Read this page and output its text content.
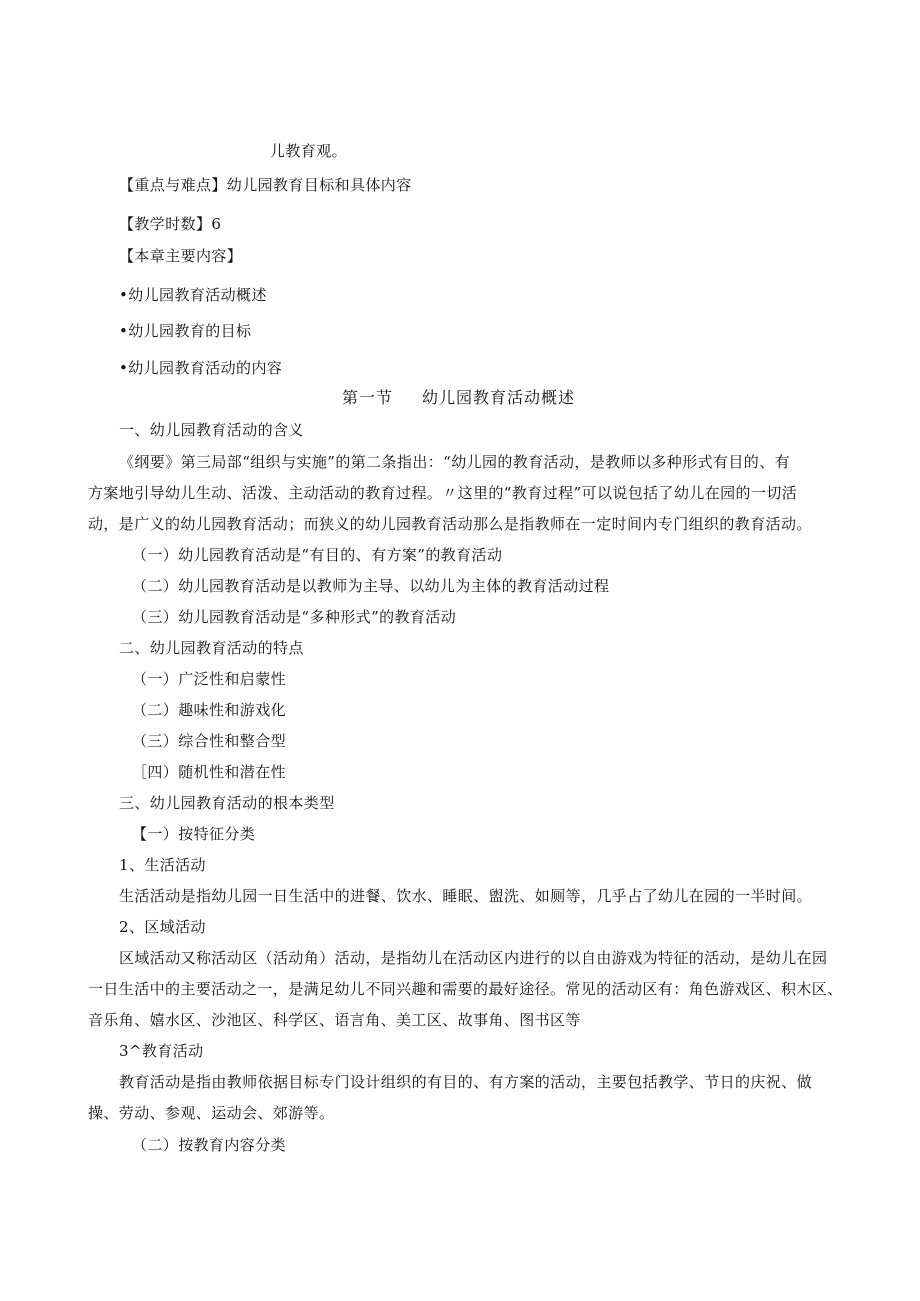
儿教育观。
【重点与难点】幼儿园教育目标和具体内容
【教学时数】6
【本章主要内容】
•幼儿园教育活动概述
•幼儿园教育的目标
•幼儿园教育活动的内容
第一节 幼儿园教育活动概述
一、幼儿园教育活动的含义
《纲要》第三局部“组织与实施”的第二条指出：“幼儿园的教育活动，是教师以多种形式有目的、有
方案地引导幼儿生动、活泼、主动活动的教育过程。〃这里的“教育过程”可以说包括了幼儿在园的一切活
动，是广义的幼儿园教育活动；而狭义的幼儿园教育活动那么是指教师在一定时间内专门组织的教育活动。
（一）幼儿园教育活动是“有目的、有方案”的教育活动
（二）幼儿园教育活动是以教师为主导、以幼儿为主体的教育活动过程
（三）幼儿园教育活动是“多种形式”的教育活动
二、幼儿园教育活动的特点
（一）广泛性和启蒙性
（二）趣味性和游戏化
（三）综合性和整合型
［四）随机性和潜在性
三、幼儿园教育活动的根本类型
【一）按特征分类
1、生活活动
生活活动是指幼儿园一日生活中的进餐、饮水、睡眠、盥洗、如厕等，几乎占了幼儿在园的一半时间。
2、区域活动
区域活动又称活动区（活动角）活动，是指幼儿在活动区内进行的以自由游戏为特征的活动，是幼儿在园
一日生活中的主要活动之一，是满足幼儿不同兴趣和需要的最好途径。常见的活动区有：角色游戏区、积木区、
音乐角、嬉水区、沙池区、科学区、语言角、美工区、故事角、图书区等
3^教育活动
教育活动是指由教师依据目标专门设计组织的有目的、有方案的活动，主要包括教学、节日的庆祝、做
操、劳动、参观、运动会、郊游等。
（二）按教育内容分类
